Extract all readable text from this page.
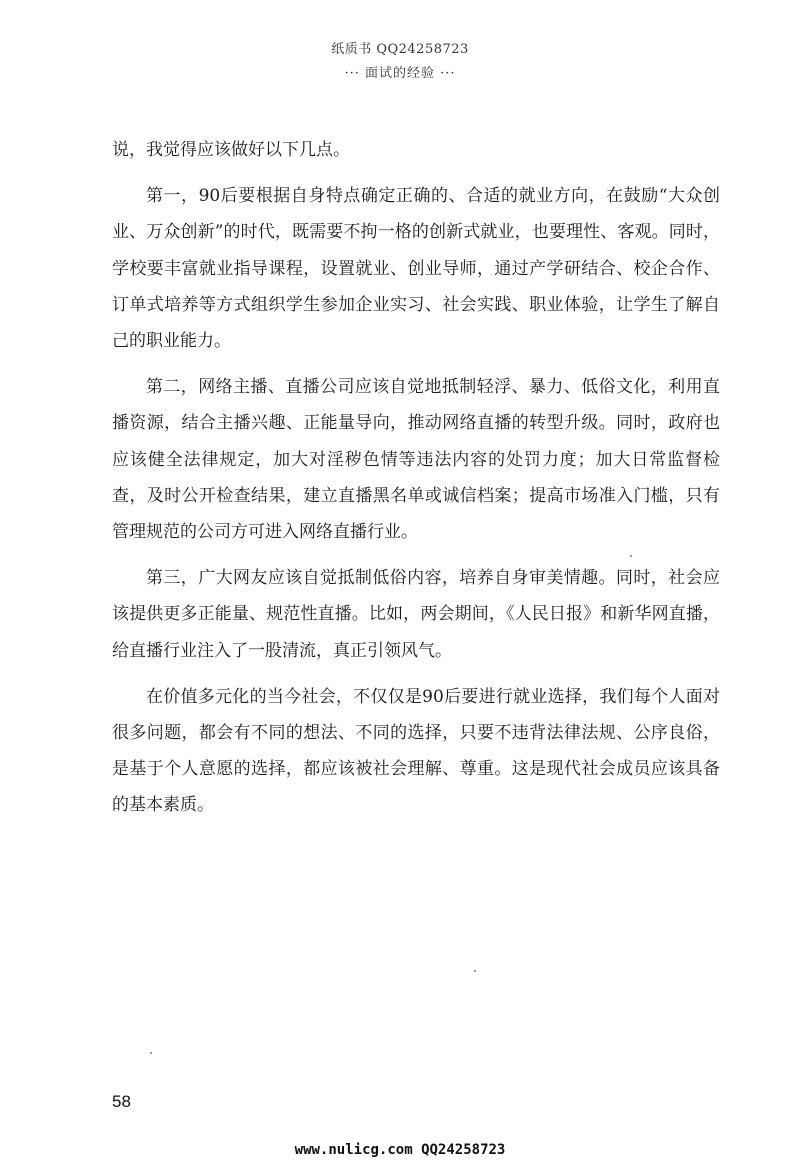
纸质书 QQ24258723
··· 面试的经验 ···

说，我觉得应该做好以下几点。

第一，90后要根据自身特点确定正确的、合适的就业方向，在鼓励“大众创业、万众创新”的时代，既需要不拘一格的创新式就业，也要理性、客观。同时，学校要丰富就业指导课程，设置就业、创业导师，通过产学研结合、校企合作、订单式培养等方式组织学生参加企业实习、社会实践、职业体验，让学生了解自己的职业能力。

第二，网络主播、直播公司应该自觉地抵制轻浮、暴力、低俗文化，利用直播资源，结合主播兴趣、正能量导向，推动网络直播的转型升级。同时，政府也应该健全法律规定，加大对淫秽色情等违法内容的处罚力度；加大日常监督检查，及时公开检查结果，建立直播黑名单或诚信档案；提高市场准入门槛，只有管理规范的公司方可进入网络直播行业。

第三，广大网友应该自觉抵制低俗内容，培养自身审美情趣。同时，社会应该提供更多正能量、规范性直播。比如，两会期间，《人民日报》和新华网直播，给直播行业注入了一股清流，真正引领风气。

在价值多元化的当今社会，不仅仅是90后要进行就业选择，我们每个人面对很多问题，都会有不同的想法、不同的选择，只要不违背法律法规、公序良俗，是基于个人意愿的选择，都应该被社会理解、尊重。这是现代社会成员应该具备的基本素质。

58
www.nulicg.com QQ24258723
